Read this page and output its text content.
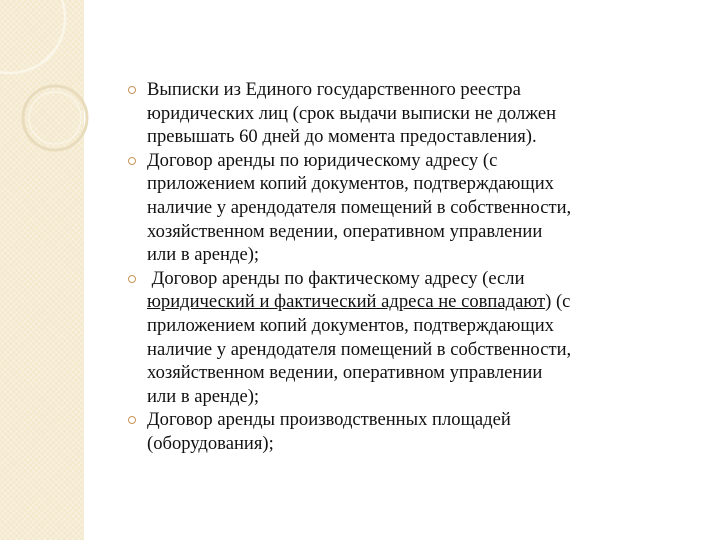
Выписки из Единого государственного реестра
юридических лиц (срок выдачи выписки не должен
превышать 60 дней до момента предоставления).
Договор аренды по юридическому адресу (с
приложением копий документов, подтверждающих
наличие у арендодателя помещений в собственности,
хозяйственном ведении, оперативном управлении
или в аренде);
Договор аренды по фактическому адресу (если
юридический и фактический адреса не совпадают) (с
приложением копий документов, подтверждающих
наличие у арендодателя помещений в собственности,
хозяйственном ведении, оперативном управлении
или в аренде);
Договор аренды производственных площадей
(оборудования);
